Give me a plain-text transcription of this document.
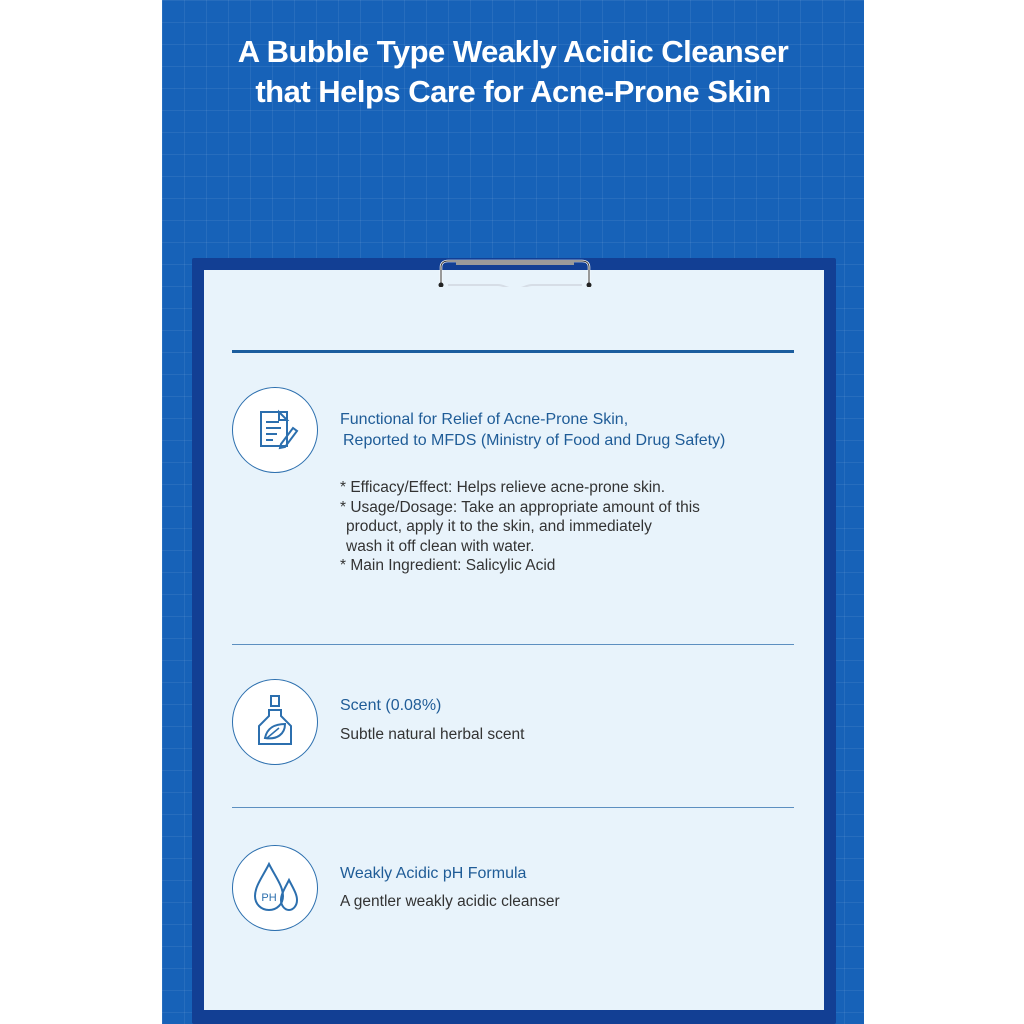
A Bubble Type Weakly Acidic Cleanser
that Helps Care for Acne-Prone Skin

Functional for Relief of Acne-Prone Skin,
Reported to MFDS (Ministry of Food and Drug Safety)

Scent (0.08%)

Subtle natural herbal scent

PH

Weakly Acidic pH Formula

A gentler weakly acidic cleanser

* Efficacy/Effect: Helps relieve acne-prone skin.
* Usage/Dosage: Take an appropriate amount of this
product, apply it to the skin, and immediately
wash it off clean with water.
* Main Ingredient: Salicylic Acid
